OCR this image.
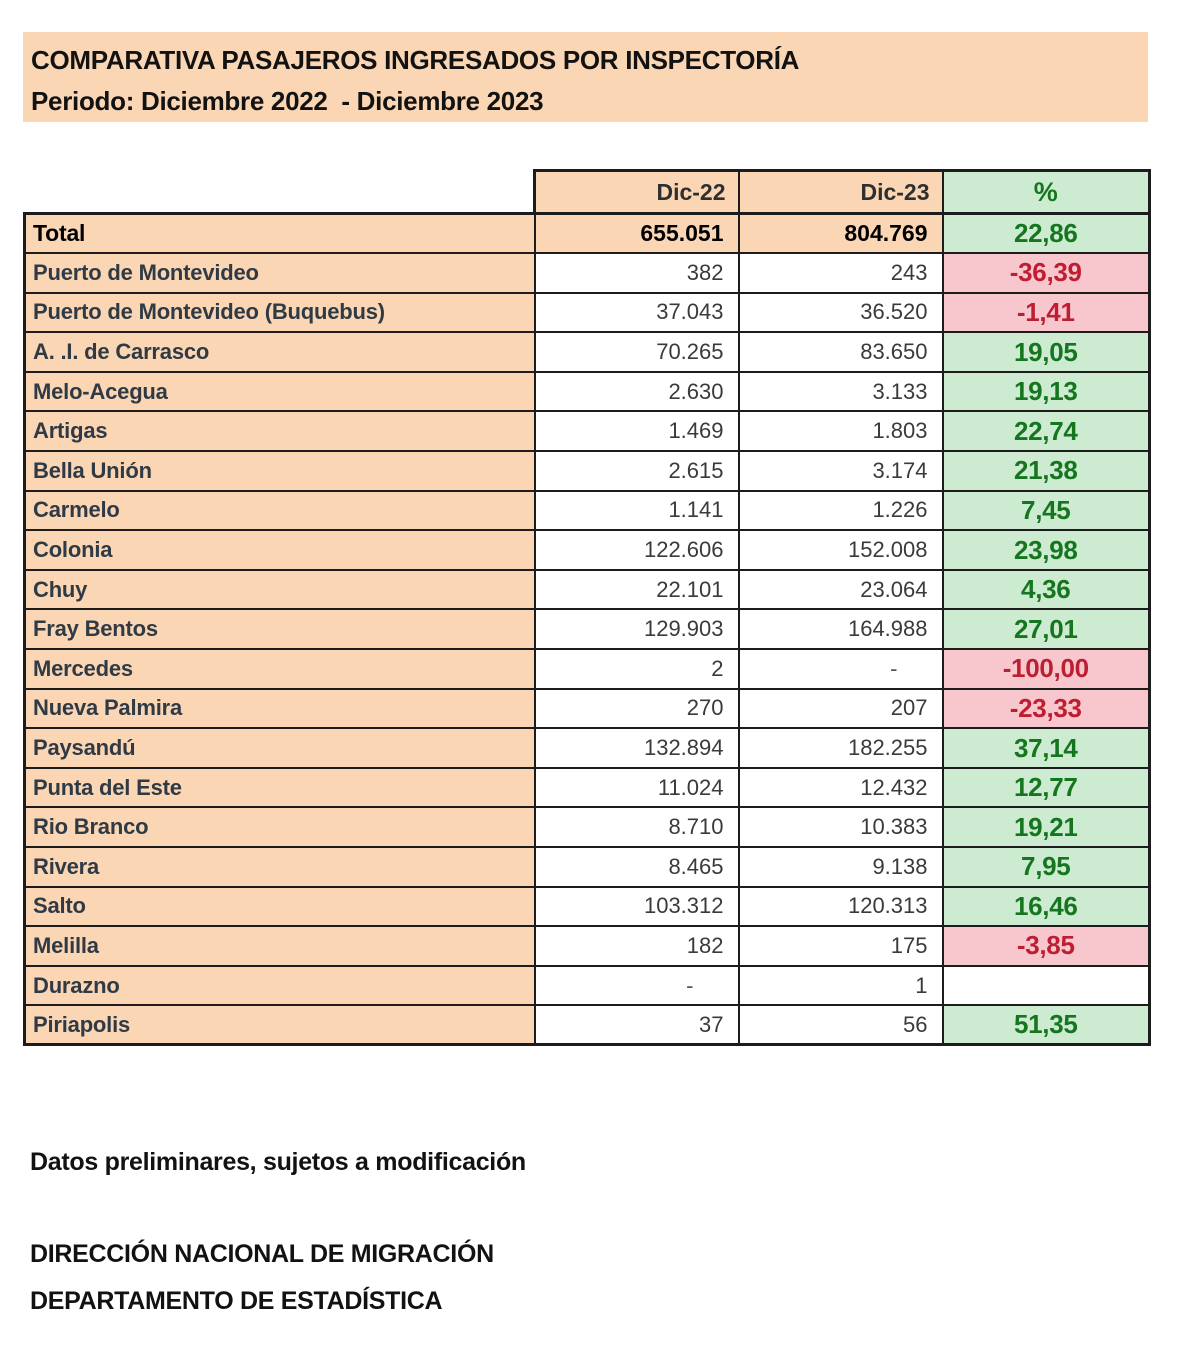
COMPARATIVA PASAJEROS INGRESADOS POR INSPECTORÍA
Periodo: Diciembre 2022  - Diciembre 2023
	Dic-22	Dic-23	%
Total	655.051	804.769	22,86
Puerto de Montevideo	382	243	-36,39
Puerto de Montevideo (Buquebus)	37.043	36.520	-1,41
A. .I. de Carrasco	70.265	83.650	19,05
Melo-Acegua	2.630	3.133	19,13
Artigas	1.469	1.803	22,74
Bella Unión	2.615	3.174	21,38
Carmelo	1.141	1.226	7,45
Colonia	122.606	152.008	23,98
Chuy	22.101	23.064	4,36
Fray Bentos	129.903	164.988	27,01
Mercedes	2	-	-100,00
Nueva Palmira	270	207	-23,33
Paysandú	132.894	182.255	37,14
Punta del Este	11.024	12.432	12,77
Rio Branco	8.710	10.383	19,21
Rivera	8.465	9.138	7,95
Salto	103.312	120.313	16,46
Melilla	182	175	-3,85
Durazno	-	1	
Piriapolis	37	56	51,35
Datos preliminares, sujetos a modificación
DIRECCIÓN NACIONAL DE MIGRACIÓN
DEPARTAMENTO DE ESTADÍSTICA
